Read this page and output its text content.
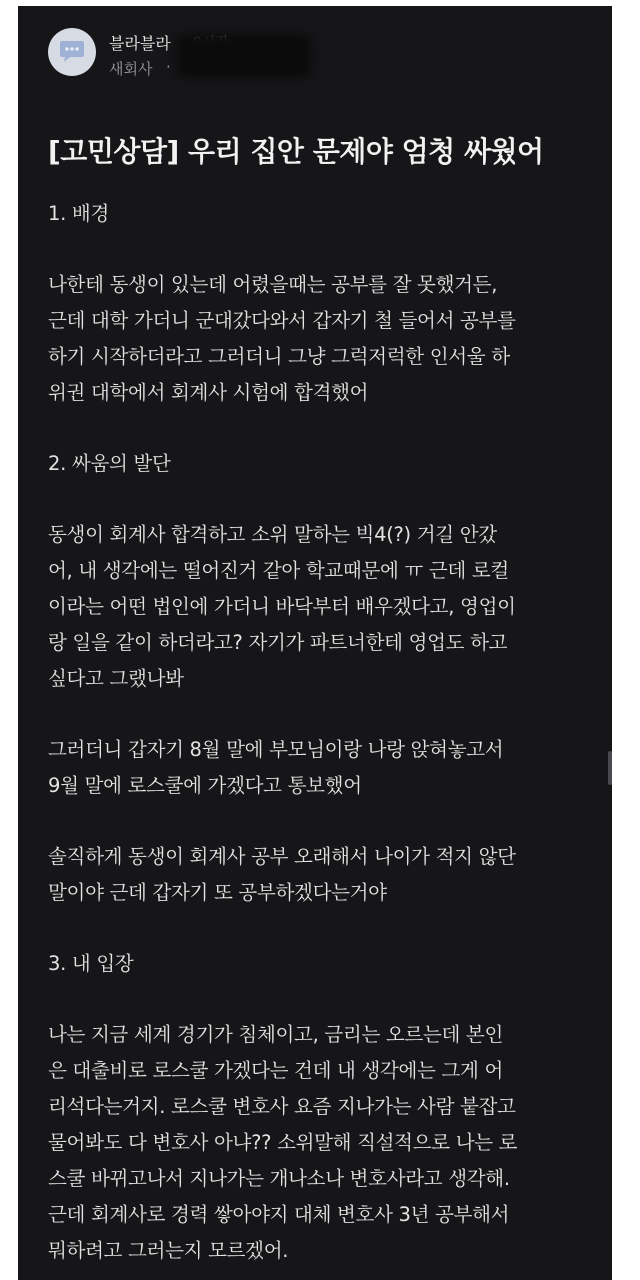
블라블라
새회사 ·
[고민상담] 우리 집안 문제야 엄청 싸웠어
1. 배경
나한테 동생이 있는데 어렸을때는 공부를 잘 못했거든,
근데 대학 가더니 군대갔다와서 갑자기 철 들어서 공부를
하기 시작하더라고 그러더니 그냥 그럭저럭한 인서울 하
위권 대학에서 회계사 시험에 합격했어
2. 싸움의 발단
동생이 회계사 합격하고 소위 말하는 빅4(?) 거길 안갔
어, 내 생각에는 떨어진거 같아 학교때문에 ㅠ 근데 로컬
이라는 어떤 법인에 가더니 바닥부터 배우겠다고, 영업이
랑 일을 같이 하더라고? 자기가 파트너한테 영업도 하고
싶다고 그랬나봐
그러더니 갑자기 8월 말에 부모님이랑 나랑 앉혀놓고서
9월 말에 로스쿨에 가겠다고 통보했어
솔직하게 동생이 회계사 공부 오래해서 나이가 적지 않단
말이야 근데 갑자기 또 공부하겠다는거야
3. 내 입장
나는 지금 세계 경기가 침체이고, 금리는 오르는데 본인
은 대출비로 로스쿨 가겠다는 건데 내 생각에는 그게 어
리석다는거지. 로스쿨 변호사 요즘 지나가는 사람 붙잡고
물어봐도 다 변호사 아냐?? 소위말해 직설적으로 나는 로
스쿨 바뀌고나서 지나가는 개나소나 변호사라고 생각해.
근데 회계사로 경력 쌓아야지 대체 변호사 3년 공부해서
뭐하려고 그러는지 모르겠어.
